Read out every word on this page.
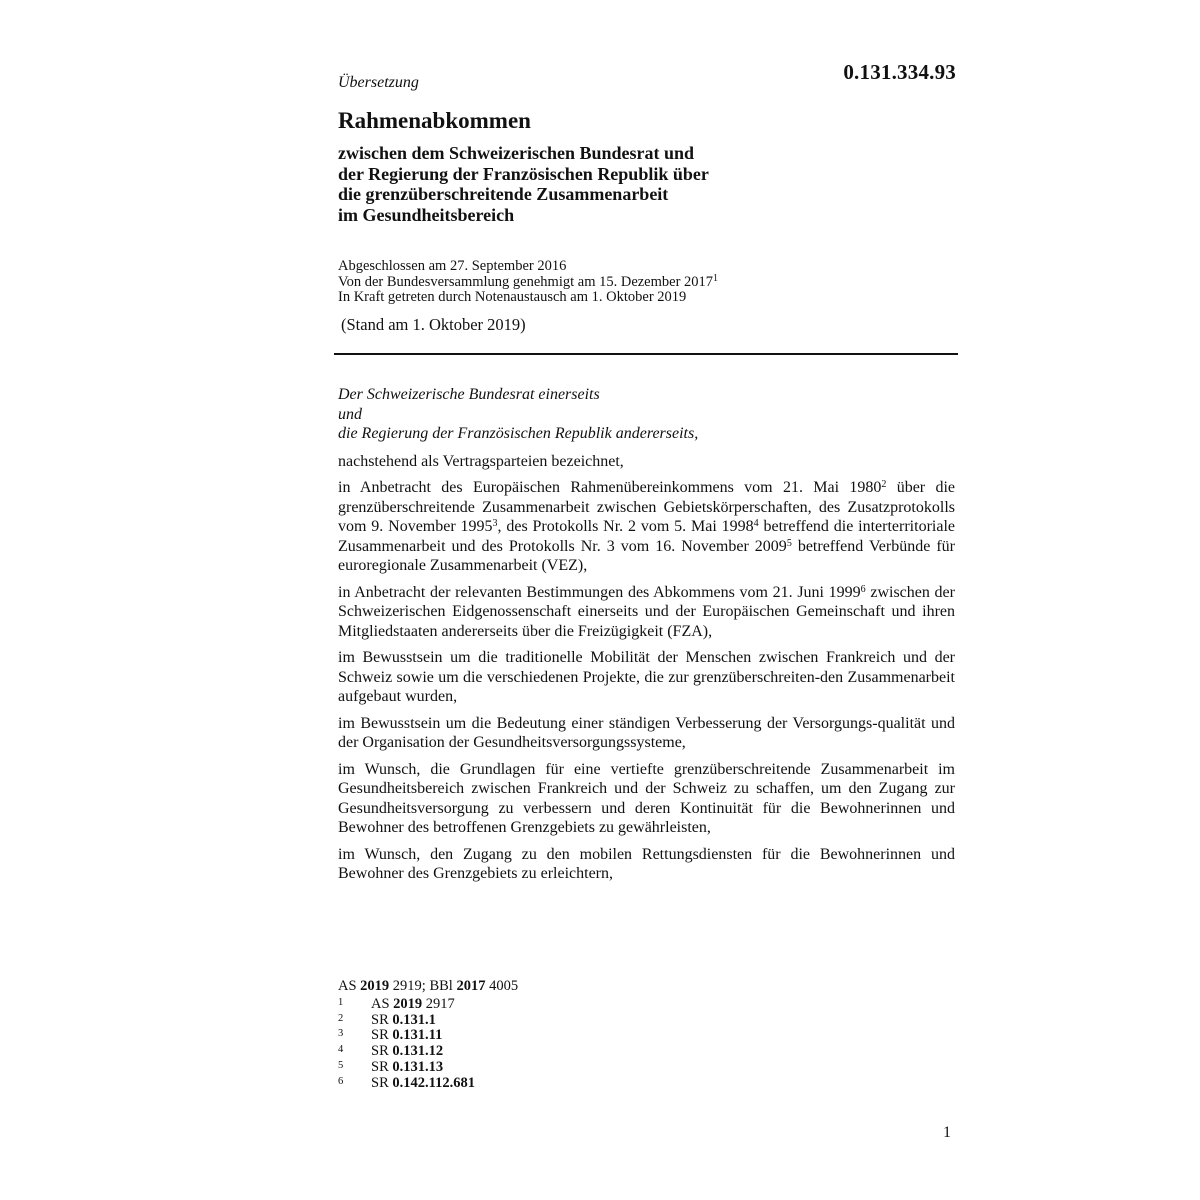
0.131.334.93
Übersetzung
Rahmenabkommen
zwischen dem Schweizerischen Bundesrat und
der Regierung der Französischen Republik über
die grenzüberschreitende Zusammenarbeit
im Gesundheitsbereich
Abgeschlossen am 27. September 2016
Von der Bundesversammlung genehmigt am 15. Dezember 2017$^1$
In Kraft getreten durch Notenaustausch am 1. Oktober 2019
(Stand am 1. Oktober 2019)
Der Schweizerische Bundesrat einerseits
und
die Regierung der Französischen Republik andererseits,
nachstehend als Vertragsparteien bezeichnet,
in Anbetracht des Europäischen Rahmenübereinkommens vom 21. Mai 1980$^2$ über die grenzüberschreitende Zusammenarbeit zwischen Gebietskörperschaften, des Zusatzprotokolls vom 9. November 1995$^3$, des Protokolls Nr. 2 vom 5. Mai 1998$^4$ betreffend die interterritoriale Zusammenarbeit und des Protokolls Nr. 3 vom 16. November 2009$^5$ betreffend Verbünde für euroregionale Zusammenarbeit (VEZ),
in Anbetracht der relevanten Bestimmungen des Abkommens vom 21. Juni 1999$^6$ zwischen der Schweizerischen Eidgenossenschaft einerseits und der Europäischen Gemeinschaft und ihren Mitgliedstaaten andererseits über die Freizügigkeit (FZA),
im Bewusstsein um die traditionelle Mobilität der Menschen zwischen Frankreich und der Schweiz sowie um die verschiedenen Projekte, die zur grenzüberschreiten-den Zusammenarbeit aufgebaut wurden,
im Bewusstsein um die Bedeutung einer ständigen Verbesserung der Versorgungs-qualität und der Organisation der Gesundheitsversorgungssysteme,
im Wunsch, die Grundlagen für eine vertiefte grenzüberschreitende Zusammenarbeit im Gesundheitsbereich zwischen Frankreich und der Schweiz zu schaffen, um den Zugang zur Gesundheitsversorgung zu verbessern und deren Kontinuität für die Bewohnerinnen und Bewohner des betroffenen Grenzgebiets zu gewährleisten,
im Wunsch, den Zugang zu den mobilen Rettungsdiensten für die Bewohnerinnen und Bewohner des Grenzgebiets zu erleichtern,
AS 2019 2919; BBl 2017 4005
1	AS 2019 2917
2	SR 0.131.1
3	SR 0.131.11
4	SR 0.131.12
5	SR 0.131.13
6	SR 0.142.112.681
1
